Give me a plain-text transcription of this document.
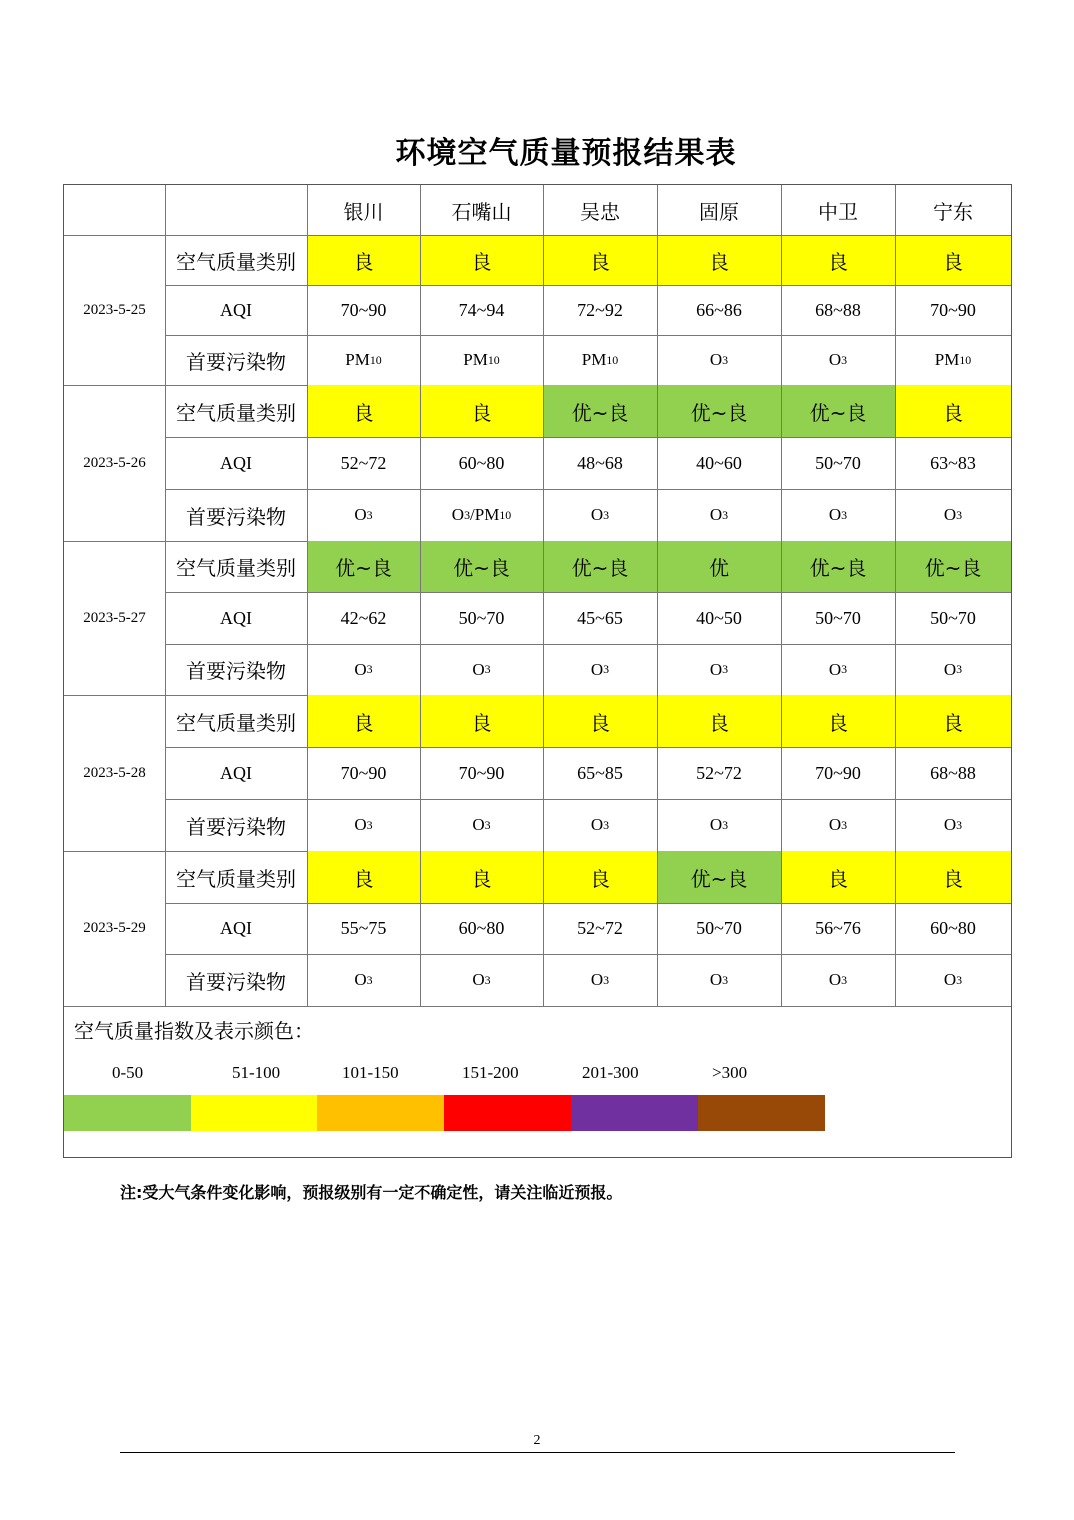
环境空气质量预报结果表
空气质量指数及表示颜色：
银川	石嘴山	吴忠	固原	中卫	宁东
2023-5-25
空气质量类别	良	良	良	良	良	良
AQI	70~90	74~94	72~92	66~86	68~88	70~90
首要污染物	PM 10	PM 10	PM 10	O 3	O 3	PM 10
2023-5-26
空气质量类别	良	良	优~良	优~良	优~良	良
AQI	52~72	60~80	48~68	40~60	50~70	63~83
首要污染物	O 3	O 3 /PM 10	O 3	O 3	O 3	O 3
2023-5-27
空气质量类别	优~良	优~良	优~良	优	优~良	优~良
AQI	42~62	50~70	45~65	40~50	50~70	50~70
首要污染物	O 3	O 3	O 3	O 3	O 3	O 3
2023-5-28
空气质量类别	良	良	良	良	良	良
AQI	70~90	70~90	65~85	52~72	70~90	68~88
首要污染物	O 3	O 3	O 3	O 3	O 3	O 3
2023-5-29
空气质量类别	良	良	良	优~良	良	良
AQI	55~75	60~80	52~72	50~70	56~76	60~80
首要污染物	O 3	O 3	O 3	O 3	O 3	O 3
0-50	51-100	101-150	151-200	201-300	>300
注:受大气条件变化影响，预报级别有一定不确定性，请关注临近预报。
2
